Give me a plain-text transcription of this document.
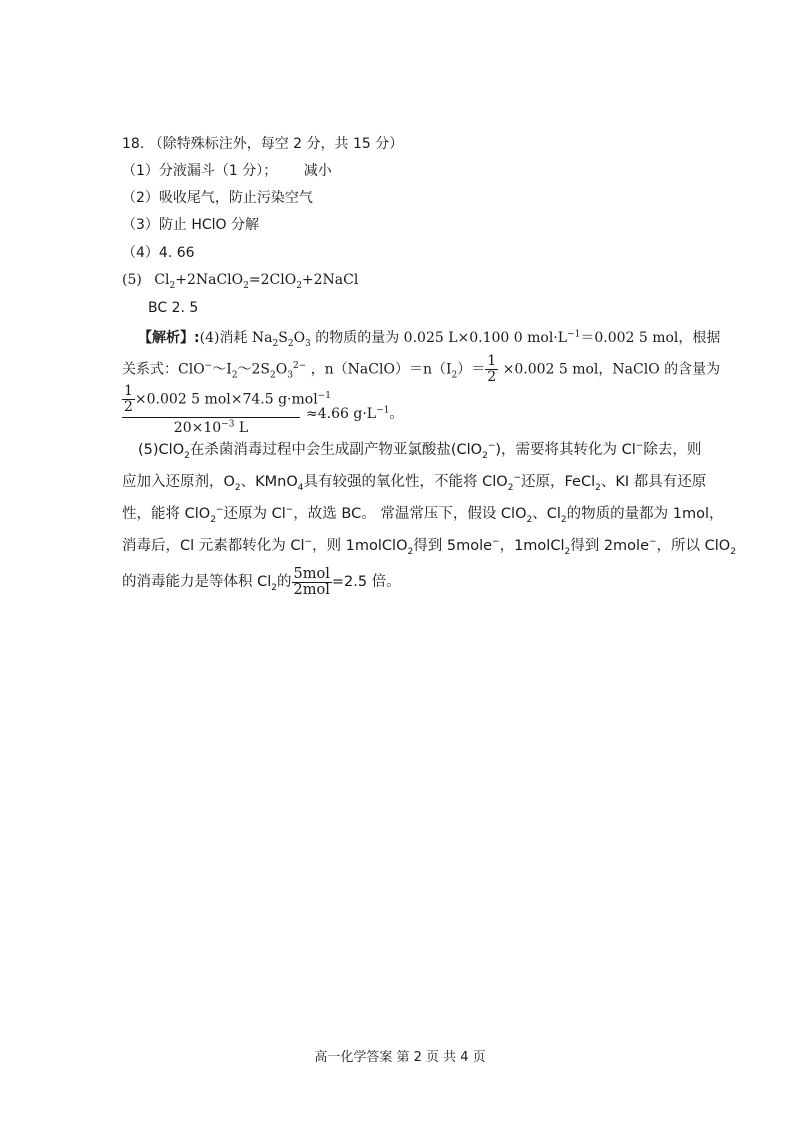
18. （除特殊标注外，每空 2 分，共 15 分）
（1）分液漏斗（1 分）； 减小
（2）吸收尾气，防止污染空气
（3）防止 HClO 分解
（4）4. 66
(5) $Cl_2+2NaClO_2=2ClO_2+2NaCl$
BC 2. 5
【解析】:(4)消耗 $Na_2S_2O_3$ 的物质的量为 0.025 L×0.100 0 $mol\cdot L^{-1}=0.002$ 5 mol，根据
关系式：$ClO^-\sim I_2\sim 2S_2O_3^{2-}$ ，$n(NaClO)=n(I_2)= \frac{1}{2} \times 0.002$ 5 mol，NaClO 的含量为
$\frac{1}{2} \times 0.002$ 5 mol×74.5 g·mol$^{-1}$
$20\times 10^{-3}$ L
≈4.66 $g\cdot L^{-1}$。
(5)ClO$_2$在杀菌消毒过程中会生成副产物亚氯酸盐(ClO$_2$−)，需要将其转化为 Cl−除去，则
应加入还原剂，$O_2$、KMnO$_4$具有较强的氧化性，不能将 ClO$_2$−还原，FeCl$_2$、KI 都具有还原
性，能将 ClO$_2$−还原为 Cl−，故选 BC。 常温常压下，假设 ClO$_2$、$Cl_2$的物质的量都为 1mol，
消毒后，Cl 元素都转化为 Cl−，则 1molClO$_2$得到 5mole−，1molCl$_2$得到 2mole−，所以 ClO$_2$
的消毒能力是等体积 $Cl_2$的 $\frac{\text{5mol}}{\text{2mol}} =2.5$ 倍。
高一化学答案 第 2 页 共 4 页
